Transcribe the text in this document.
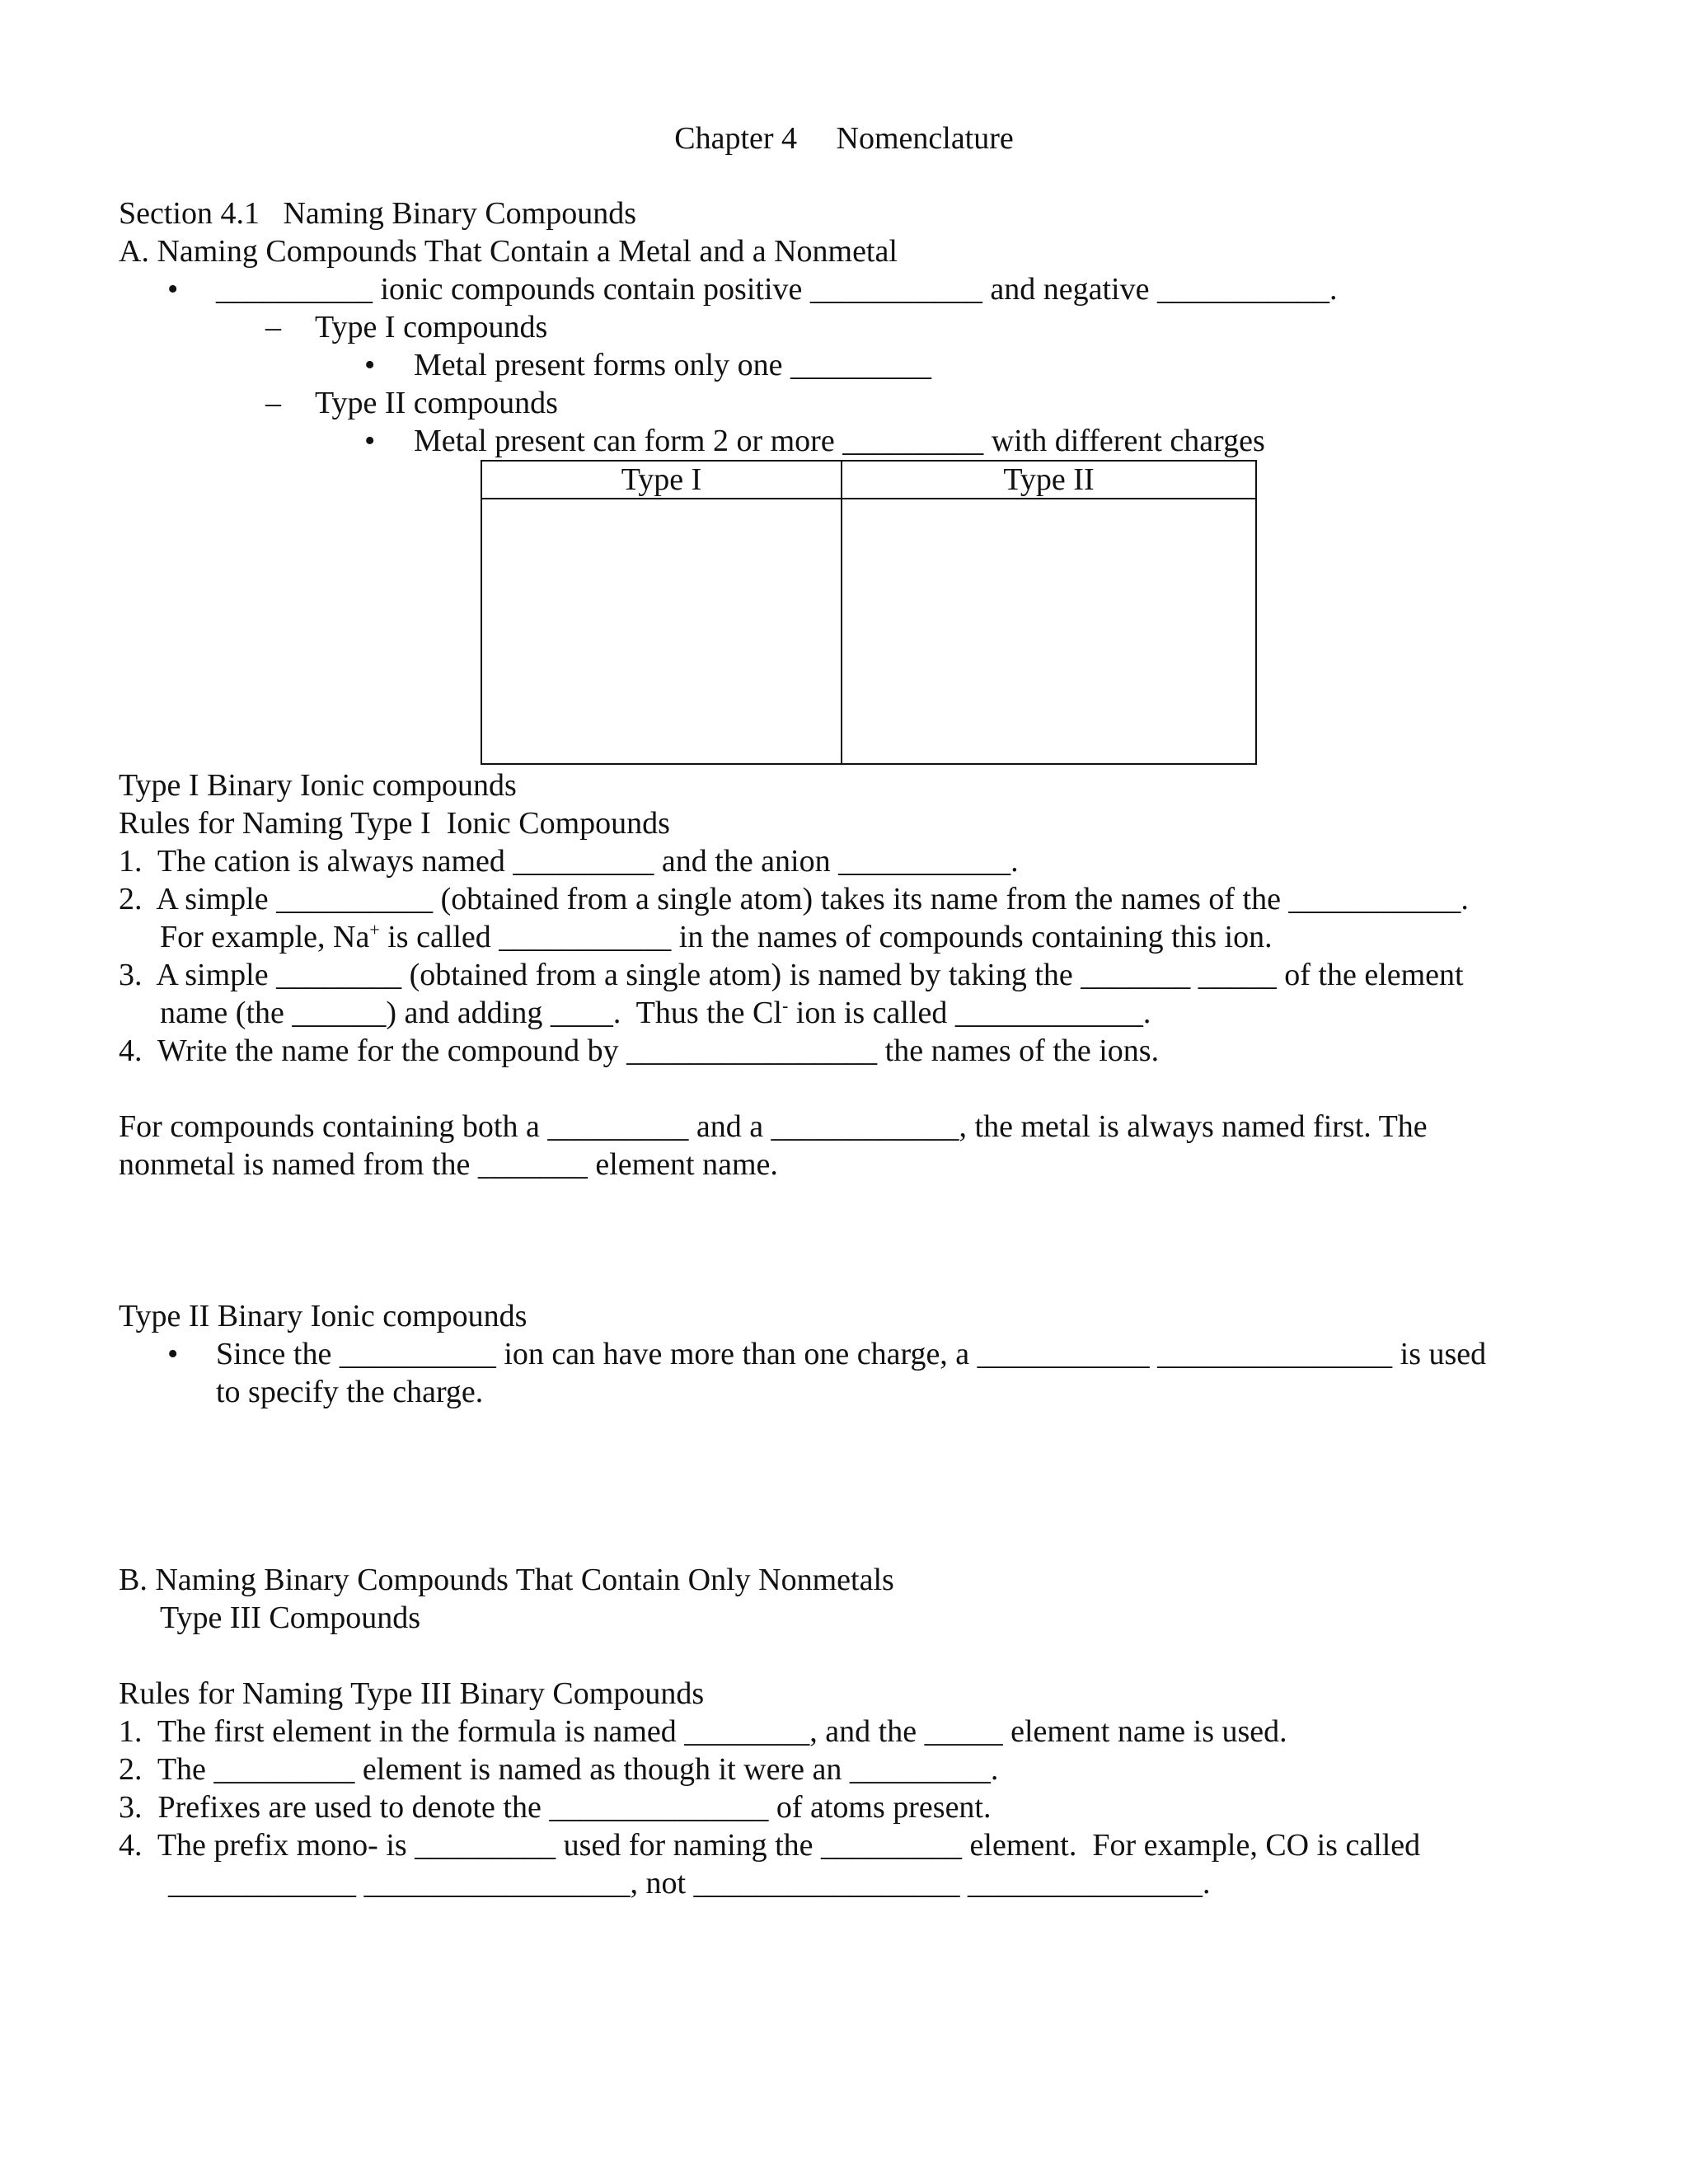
Chapter 4     Nomenclature
Section 4.1   Naming Binary Compounds
A. Naming Compounds That Contain a Metal and a Nonmetal
• __________ ionic compounds contain positive ___________ and negative ___________.
– Type I compounds
• Metal present forms only one _________
– Type II compounds
• Metal present can form 2 or more _________ with different charges
Type I	Type II
Type I Binary Ionic compounds
Rules for Naming Type I  Ionic Compounds
1.  The cation is always named _________ and the anion ___________.
2.  A simple __________ (obtained from a single atom) takes its name from the names of the ___________.
For example, Na+ is called ___________ in the names of compounds containing this ion.
3.  A simple ________ (obtained from a single atom) is named by taking the _______ _____ of the element
name (the ______) and adding ____.  Thus the Cl- ion is called ____________.
4.  Write the name for the compound by ________________ the names of the ions.
For compounds containing both a _________ and a ____________, the metal is always named first. The
nonmetal is named from the _______ element name.
Type II Binary Ionic compounds
• Since the __________ ion can have more than one charge, a ___________ _______________ is used
to specify the charge.
B. Naming Binary Compounds That Contain Only Nonmetals
Type III Compounds
Rules for Naming Type III Binary Compounds
1.  The first element in the formula is named ________, and the _____ element name is used.
2.  The _________ element is named as though it were an _________.
3.  Prefixes are used to denote the ______________ of atoms present.
4.  The prefix mono- is _________ used for naming the _________ element.  For example, CO is called
____________ _________________, not _________________ _______________.
